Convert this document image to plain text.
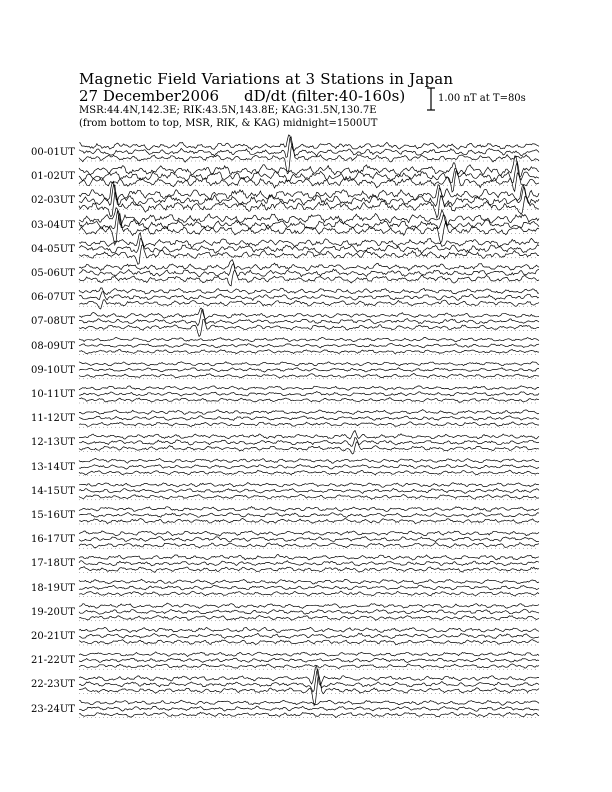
Magnetic Field Variations at 3 Stations in Japan
27 December2006 dD/dt (filter:40-160s)
MSR:44.4N,142.3E; RIK:43.5N,143.8E; KAG:31.5N,130.7E
(from bottom to top, MSR, RIK, & KAG) midnight=1500UT
1.00 nT at T=80s
00-01UT
01-02UT
02-03UT
03-04UT
04-05UT
05-06UT
06-07UT
07-08UT
08-09UT
09-10UT
10-11UT
11-12UT
12-13UT
13-14UT
14-15UT
15-16UT
16-17UT
17-18UT
18-19UT
19-20UT
20-21UT
21-22UT
22-23UT
23-24UT
